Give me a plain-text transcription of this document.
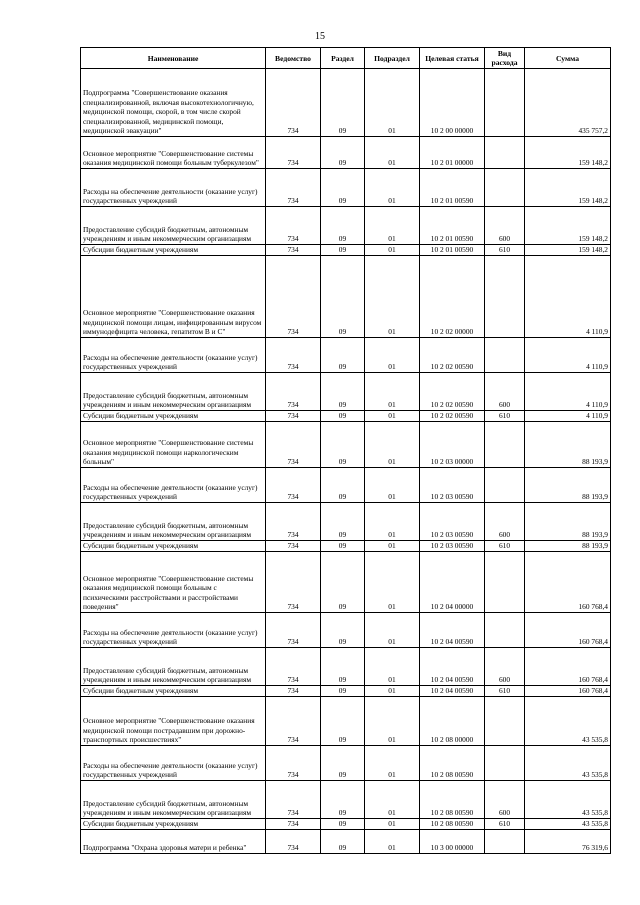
15
Наименование	Ведомство	Раздел	Подраздел	Целевая статья	Вид расхода	Сумма
Подпрограмма "Совершенствование оказания специализированной, включая высокотехнологичную, медицинской помощи, скорой, в том числе скорой специализированной, медицинской помощи, медицинской эвакуации"	734	09	01	10 2 00 00000		435 757,2
Основное мероприятие "Совершенствование системы оказания медицинской помощи больным туберкулезом"	734	09	01	10 2 01 00000		159 148,2
Расходы на обеспечение деятельности (оказание услуг) государственных учреждений	734	09	01	10 2 01 00590		159 148,2
Предоставление субсидий бюджетным, автономным учреждениям и иным некоммерческим организациям	734	09	01	10 2 01 00590	600	159 148,2
Субсидии бюджетным учреждениям	734	09	01	10 2 01 00590	610	159 148,2
Основное мероприятие "Совершенствование оказания медицинской помощи лицам, инфицированным вирусом иммунодефицита человека, гепатитом В и С"	734	09	01	10 2 02 00000		4 110,9
Расходы на обеспечение деятельности (оказание услуг) государственных учреждений	734	09	01	10 2 02 00590		4 110,9
Предоставление субсидий бюджетным, автономным учреждениям и иным некоммерческим организациям	734	09	01	10 2 02 00590	600	4 110,9
Субсидии бюджетным учреждениям	734	09	01	10 2 02 00590	610	4 110,9
Основное мероприятие "Совершенствование системы оказания медицинской помощи наркологическим больным"	734	09	01	10 2 03 00000		88 193,9
Расходы на обеспечение деятельности (оказание услуг) государственных учреждений	734	09	01	10 2 03 00590		88 193,9
Предоставление субсидий бюджетным, автономным учреждениям и иным некоммерческим организациям	734	09	01	10 2 03 00590	600	88 193,9
Субсидии бюджетным учреждениям	734	09	01	10 2 03 00590	610	88 193,9
Основное мероприятие "Совершенствование системы оказания медицинской помощи больным с психическими расстройствами и расстройствами поведения"	734	09	01	10 2 04 00000		160 768,4
Расходы на обеспечение деятельности (оказание услуг) государственных учреждений	734	09	01	10 2 04 00590		160 768,4
Предоставление субсидий бюджетным, автономным учреждениям и иным некоммерческим организациям	734	09	01	10 2 04 00590	600	160 768,4
Субсидии бюджетным учреждениям	734	09	01	10 2 04 00590	610	160 768,4
Основное мероприятие "Совершенствование оказания медицинской помощи пострадавшим при дорожно-транспортных происшествиях"	734	09	01	10 2 08 00000		43 535,8
Расходы на обеспечение деятельности (оказание услуг) государственных учреждений	734	09	01	10 2 08 00590		43 535,8
Предоставление субсидий бюджетным, автономным учреждениям и иным некоммерческим организациям	734	09	01	10 2 08 00590	600	43 535,8
Субсидии бюджетным учреждениям	734	09	01	10 2 08 00590	610	43 535,8
Подпрограмма "Охрана здоровья матери и ребенка"	734	09	01	10 3 00 00000		76 319,6
